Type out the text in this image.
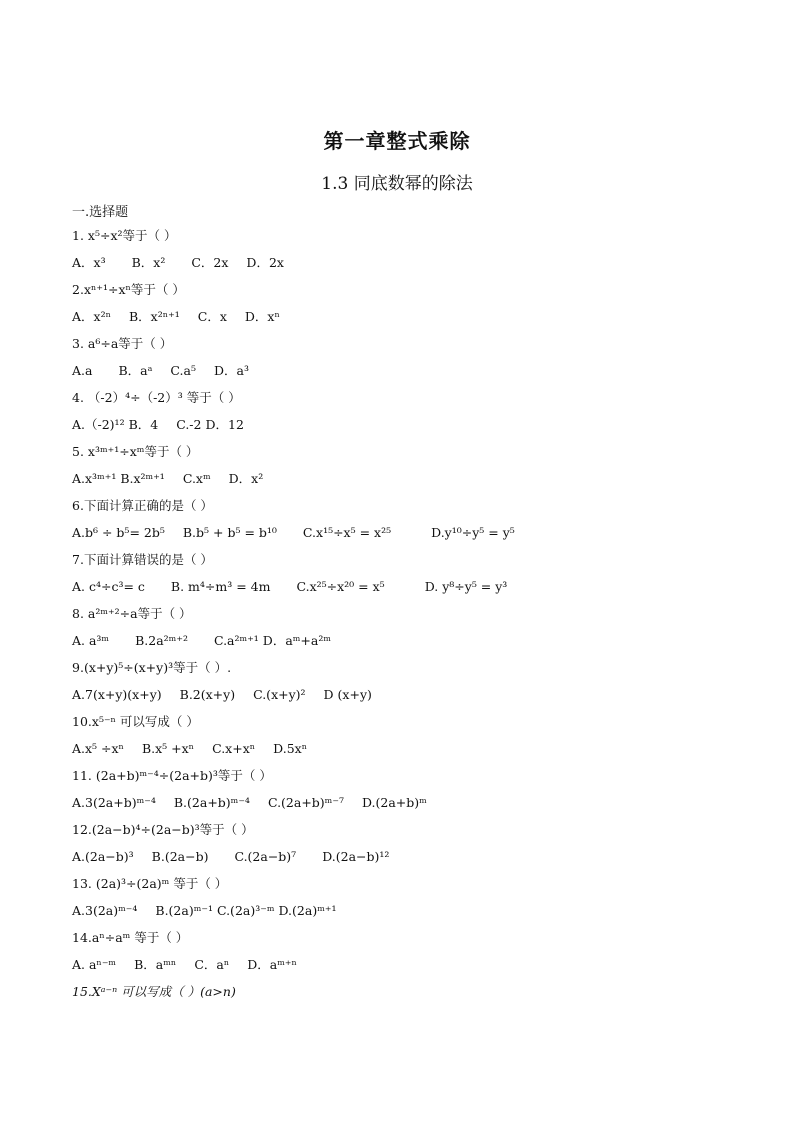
第一章整式乘除
1.3 同底数幂的除法
一.选择题
1. x⁵÷x²等于（ ）
A．x³ B．x² C．2x D．2x
2.xⁿ⁺¹÷xⁿ等于（ ）
A．x²ⁿ B．x²ⁿ⁺¹ C．x D．xⁿ
3. a⁶÷a等于（ ）
A.a B．aᵃ C.a⁵ D．a³
4. （-2）⁴÷（-2）³ 等于（ ）
A.（-2)¹² B．4 C.-2 D．12
5. x³ᵐ⁺¹÷xᵐ等于（ ）
A.x³ᵐ⁺¹ B.x²ᵐ⁺¹ C.xᵐ D．x²
6.下面计算正确的是（ ）
A.b⁶ ÷ b⁵= 2b⁵ B.b⁵ + b⁵ = b¹⁰ C.x¹⁵÷x⁵ = x²⁵	D.y¹⁰÷y⁵ = y⁵
7.下面计算错误的是（ ）
A. c⁴÷c³= c B. m⁴÷m³ = 4m C.x²⁵÷x²⁰ = x⁵	D. y⁸÷y⁵ = y³
8. a²ᵐ⁺²÷a等于（ ）
A. a³ᵐ B.2a²ᵐ⁺² C.a²ᵐ⁺¹ D．aᵐ+a²ᵐ
9.(x+y)⁵÷(x+y)³等于（ ）.
A.7(x+y)(x+y) B.2(x+y) C.(x+y)² D (x+y)
10.x⁵⁻ⁿ 可以写成（ ）
A.x⁵ ÷xⁿ B.x⁵ +xⁿ C.x+xⁿ D.5xⁿ
11. (2a+b)ᵐ⁻⁴÷(2a+b)³等于（ ）
A.3(2a+b)ᵐ⁻⁴ B.(2a+b)ᵐ⁻⁴ C.(2a+b)ᵐ⁻⁷ D.(2a+b)ᵐ
12.(2a−b)⁴÷(2a−b)³等于（ ）
A.(2a−b)³ B.(2a−b) C.(2a−b)⁷ D.(2a−b)¹²
13. (2a)³÷(2a)ᵐ 等于（ ）
A.3(2a)ᵐ⁻⁴ B.(2a)ᵐ⁻¹ C.(2a)³⁻ᵐ D.(2a)ᵐ⁺¹
14.aⁿ÷aᵐ 等于（ ）
A. aⁿ⁻ᵐ B．aᵐⁿ C．aⁿ D．aᵐ⁺ⁿ
15.Xᵃ⁻ⁿ 可以写成（ ）(a>n)
